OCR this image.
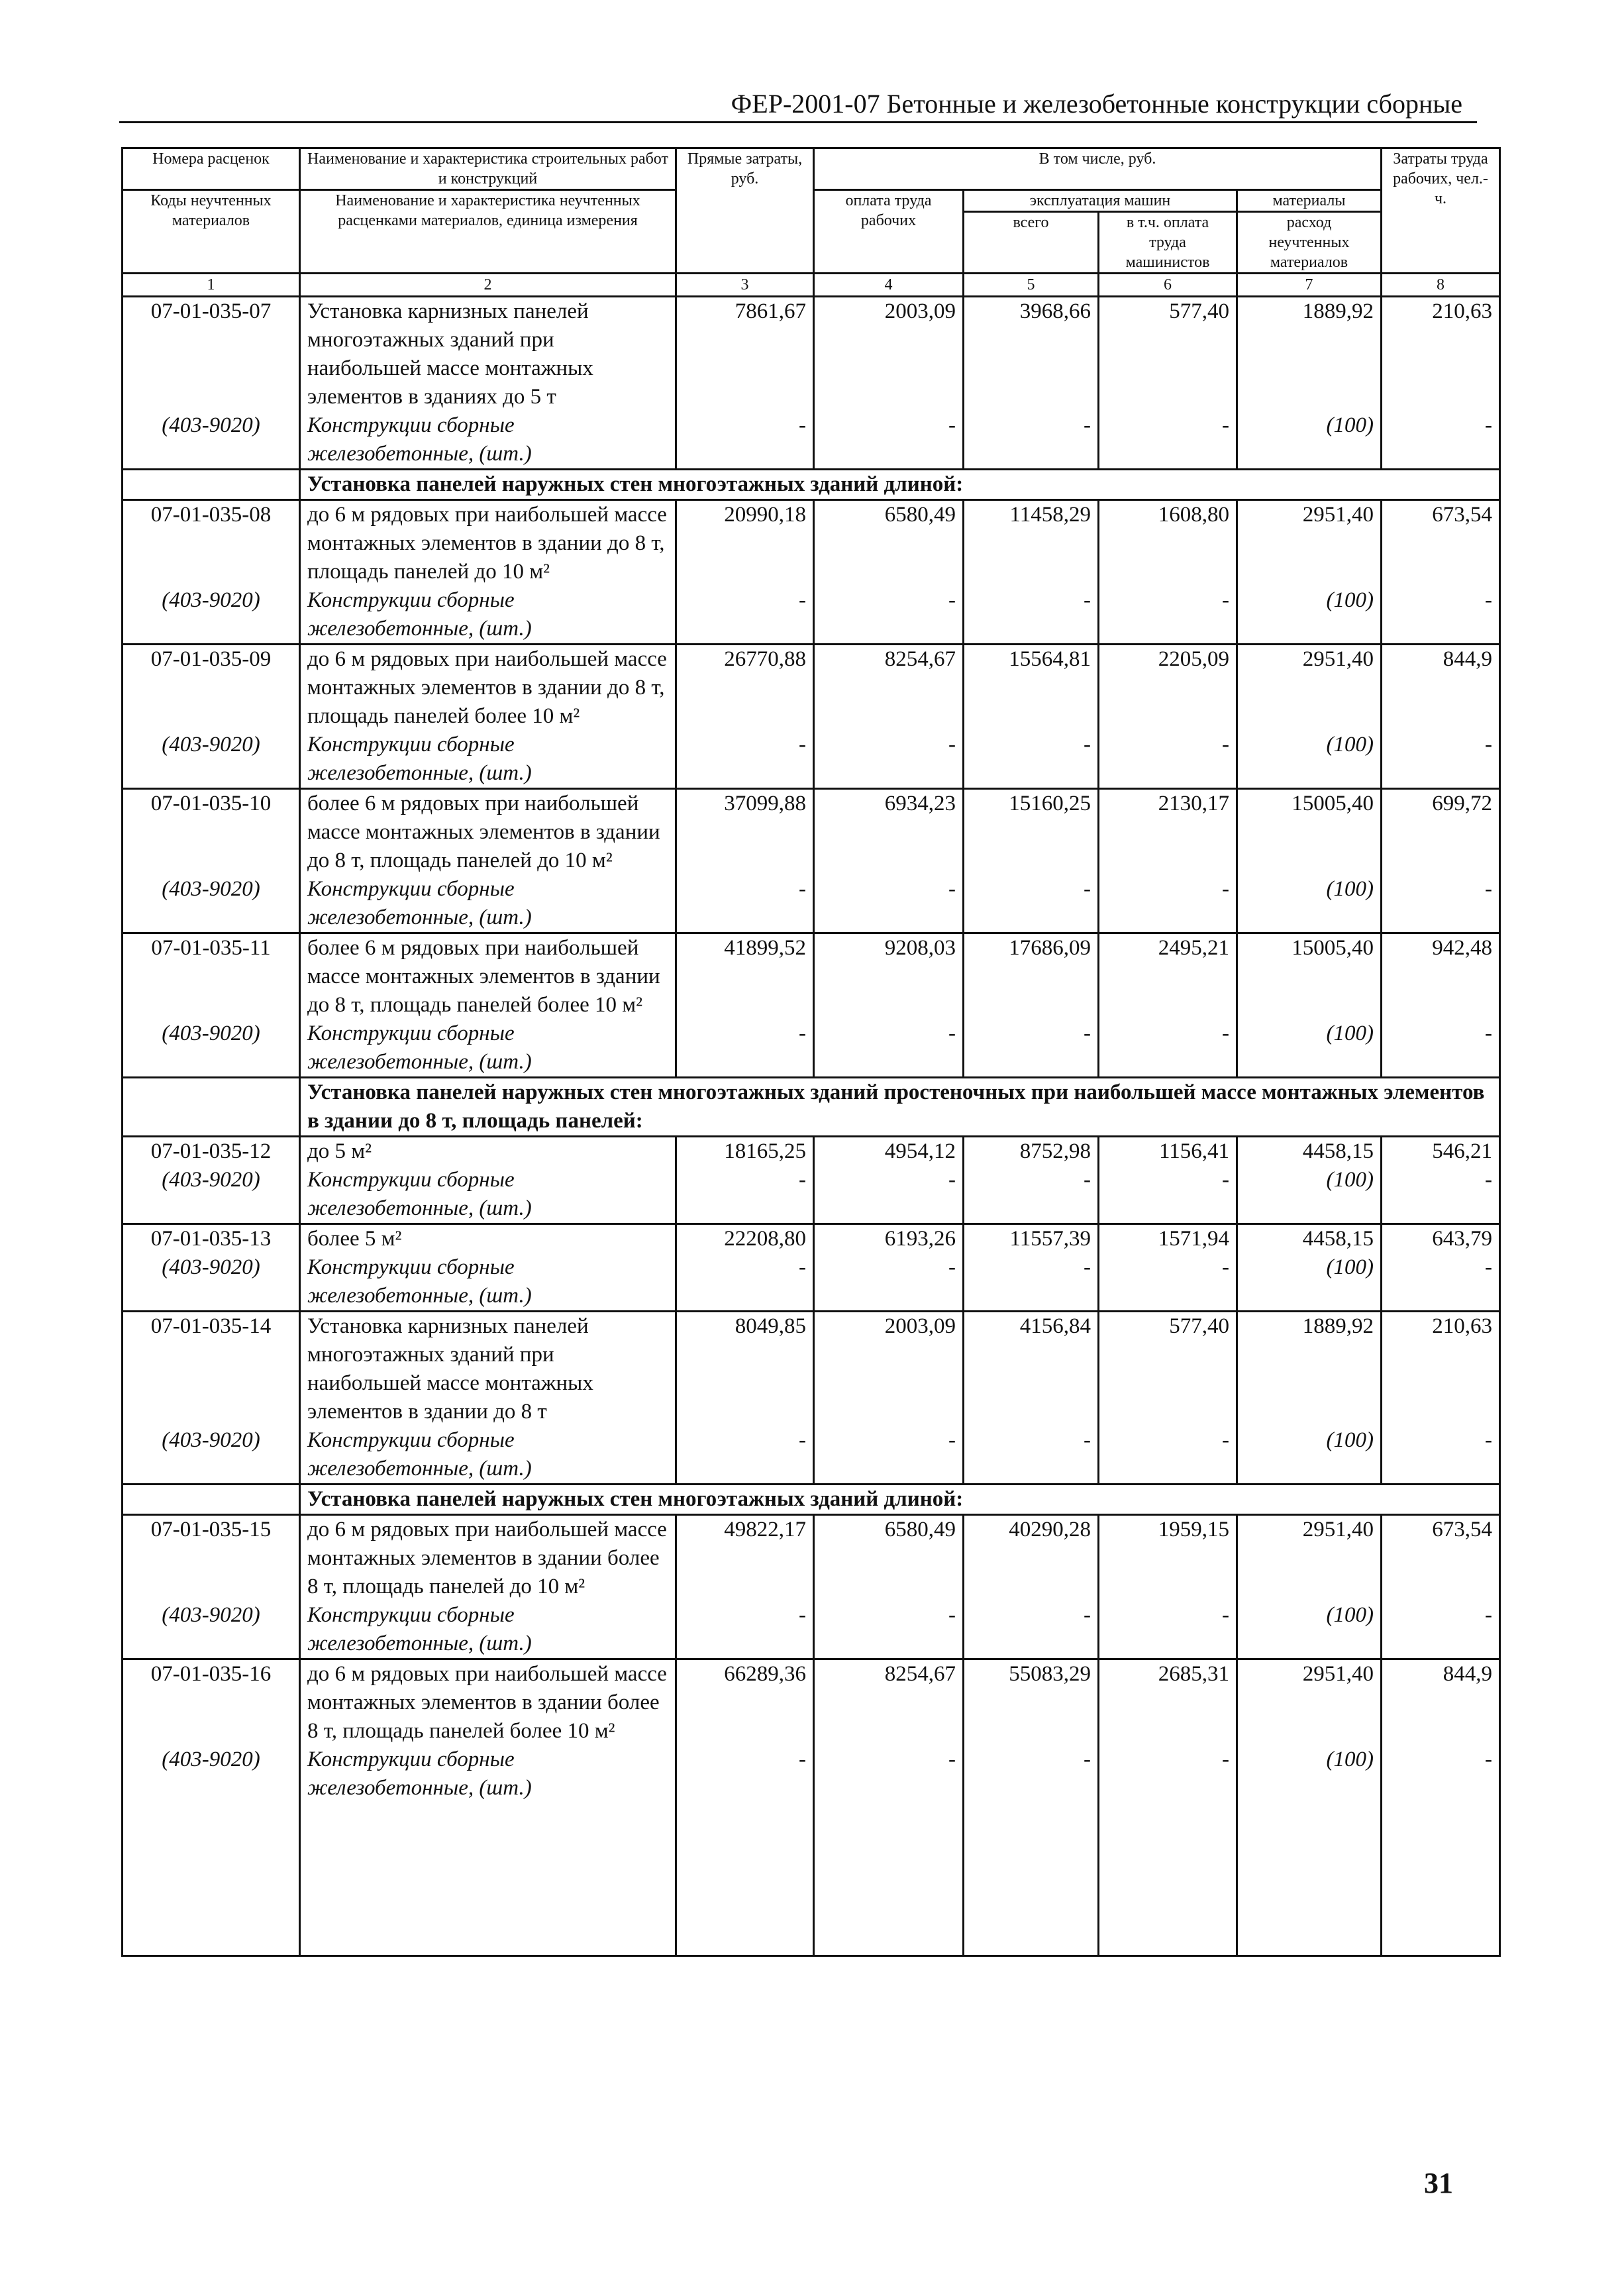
ФЕР-2001-07 Бетонные и железобетонные конструкции сборные
Номера расценок	Наименование и характеристика строительных работ и конструкций	Прямые затраты, руб.	В том числе, руб.				Затраты труда рабочих, чел.-ч.
Коды неучтенных материалов	Наименование и характеристика неучтенных расценками материалов, единица измерения		оплата труда рабочих	эксплуатация машин		материалы	
				всего	в т.ч. оплата труда машинистов	расход неучтенных материалов	
1	2	3	4	5	6	7	8
07-01-035-07	Установка карнизных панелей многоэтажных зданий при наибольшей массе монтажных элементов в зданиях до 5 т	7861,67	2003,09	3968,66	577,40	1889,92	210,63
(403-9020)	Конструкции сборные железобетонные, (шт.)	-	-	-	-	(100)	-
	Установка панелей наружных стен многоэтажных зданий длиной:						
07-01-035-08	до 6 м рядовых при наибольшей массе монтажных элементов в здании до 8 т, площадь панелей до 10 м²	20990,18	6580,49	11458,29	1608,80	2951,40	673,54
(403-9020)	Конструкции сборные железобетонные, (шт.)	-	-	-	-	(100)	-
07-01-035-09	до 6 м рядовых при наибольшей массе монтажных элементов в здании до 8 т, площадь панелей более 10 м²	26770,88	8254,67	15564,81	2205,09	2951,40	844,9
(403-9020)	Конструкции сборные железобетонные, (шт.)	-	-	-	-	(100)	-
07-01-035-10	более 6 м рядовых при наибольшей массе монтажных элементов в здании до 8 т, площадь панелей до 10 м²	37099,88	6934,23	15160,25	2130,17	15005,40	699,72
(403-9020)	Конструкции сборные железобетонные, (шт.)	-	-	-	-	(100)	-
07-01-035-11	более 6 м рядовых при наибольшей массе монтажных элементов в здании до 8 т, площадь панелей более 10 м²	41899,52	9208,03	17686,09	2495,21	15005,40	942,48
(403-9020)	Конструкции сборные железобетонные, (шт.)	-	-	-	-	(100)	-
	Установка панелей наружных стен многоэтажных зданий простеночных при наибольшей массе монтажных элементов в здании до 8 т, площадь панелей:						
07-01-035-12	до 5 м²	18165,25	4954,12	8752,98	1156,41	4458,15	546,21
(403-9020)	Конструкции сборные железобетонные, (шт.)	-	-	-	-	(100)	-
07-01-035-13	более 5 м²	22208,80	6193,26	11557,39	1571,94	4458,15	643,79
(403-9020)	Конструкции сборные железобетонные, (шт.)	-	-	-	-	(100)	-
07-01-035-14	Установка карнизных панелей многоэтажных зданий при наибольшей массе монтажных элементов в здании до 8 т	8049,85	2003,09	4156,84	577,40	1889,92	210,63
(403-9020)	Конструкции сборные железобетонные, (шт.)	-	-	-	-	(100)	-
	Установка панелей наружных стен многоэтажных зданий длиной:						
07-01-035-15	до 6 м рядовых при наибольшей массе монтажных элементов в здании более 8 т, площадь панелей до 10 м²	49822,17	6580,49	40290,28	1959,15	2951,40	673,54
(403-9020)	Конструкции сборные железобетонные, (шт.)	-	-	-	-	(100)	-
07-01-035-16	до 6 м рядовых при наибольшей массе монтажных элементов в здании более 8 т, площадь панелей более 10 м²	66289,36	8254,67	55083,29	2685,31	2951,40	844,9
(403-9020)	Конструкции сборные железобетонные, (шт.)	-	-	-	-	(100)	-

31
